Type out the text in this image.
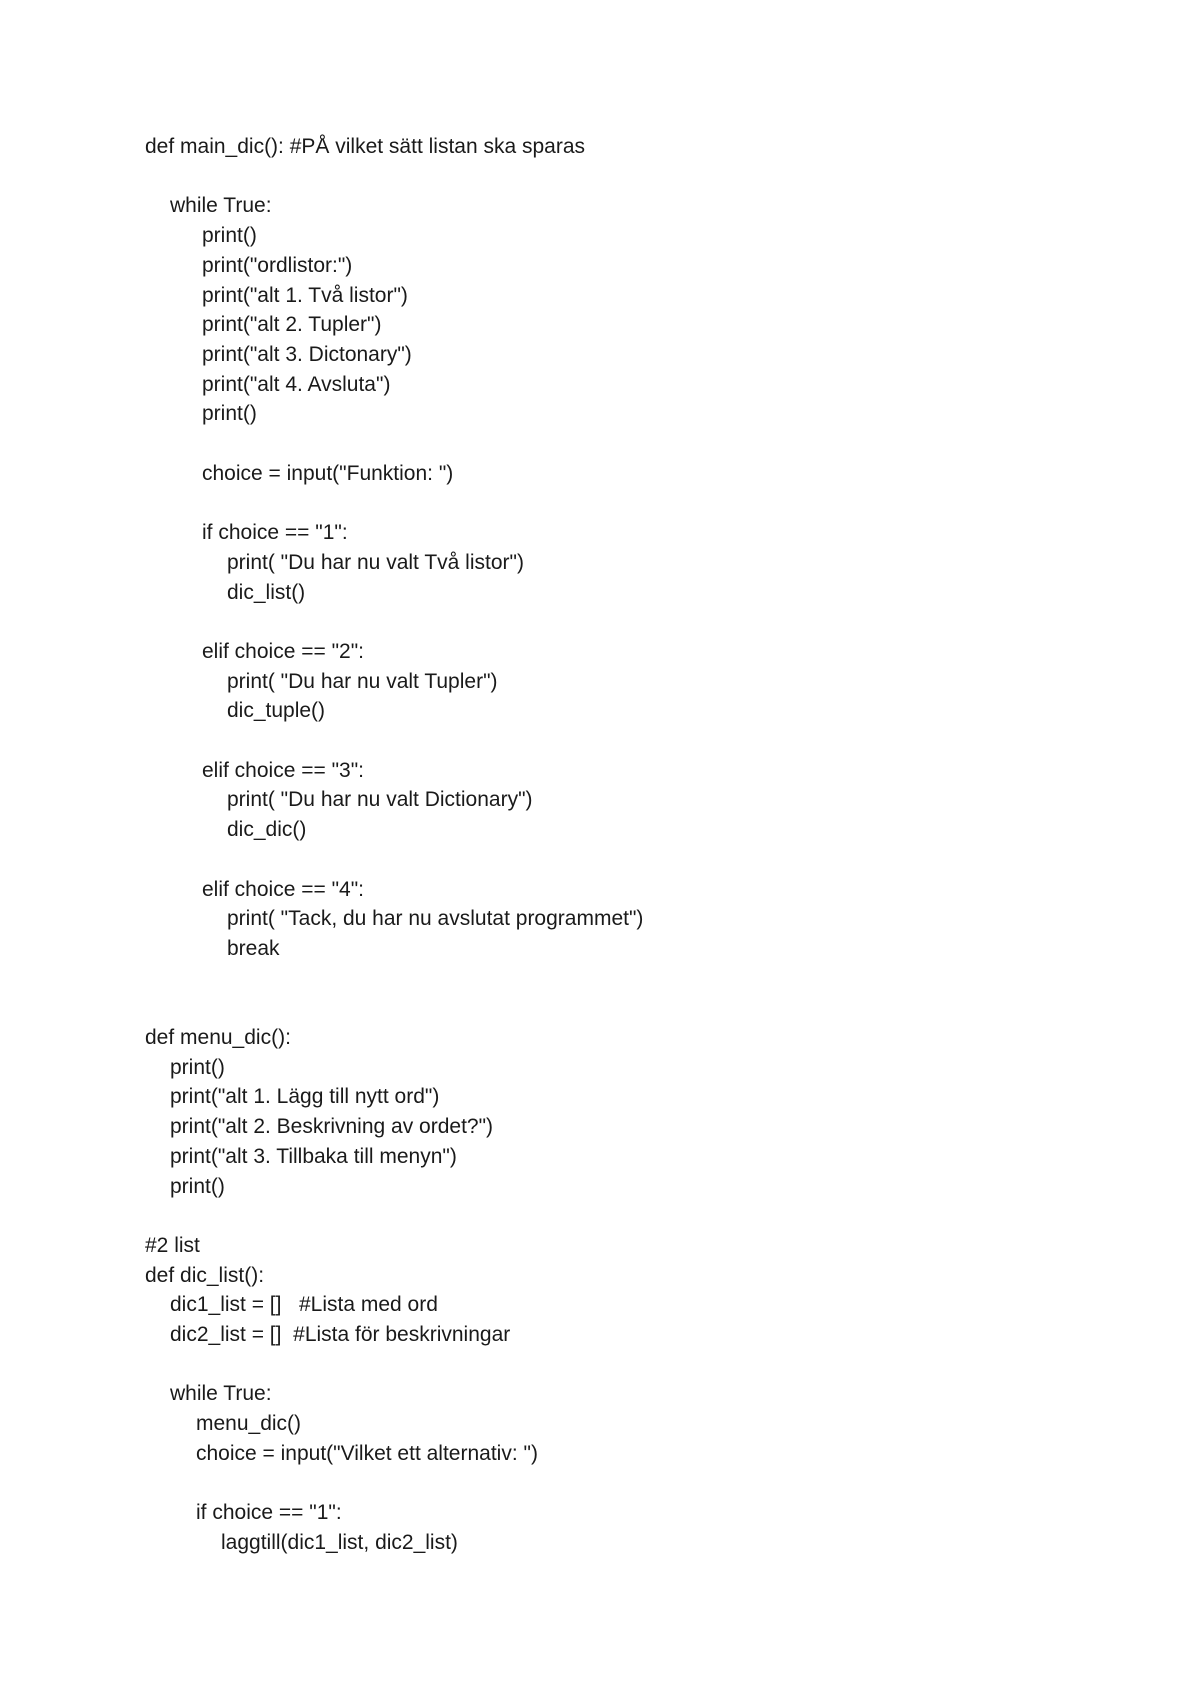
def main_dic(): #PÅ vilket sätt listan ska sparas
while True:
print()
print("ordlistor:")
print("alt 1. Två listor")
print("alt 2. Tupler")
print("alt 3. Dictonary")
print("alt 4. Avsluta")
print()
choice = input("Funktion: ")
if choice == "1":
print( "Du har nu valt Två listor")
dic_list()
elif choice == "2":
print( "Du har nu valt Tupler")
dic_tuple()
elif choice == "3":
print( "Du har nu valt Dictionary")
dic_dic()
elif choice == "4":
print( "Tack, du har nu avslutat programmet")
break
def menu_dic():
print()
print("alt 1. Lägg till nytt ord")
print("alt 2. Beskrivning av ordet?")
print("alt 3. Tillbaka till menyn")
print()
#2 list
def dic_list():
dic1_list = []   #Lista med ord
dic2_list = []  #Lista för beskrivningar
while True:
menu_dic()
choice = input("Vilket ett alternativ: ")
if choice == "1":
laggtill(dic1_list, dic2_list)
